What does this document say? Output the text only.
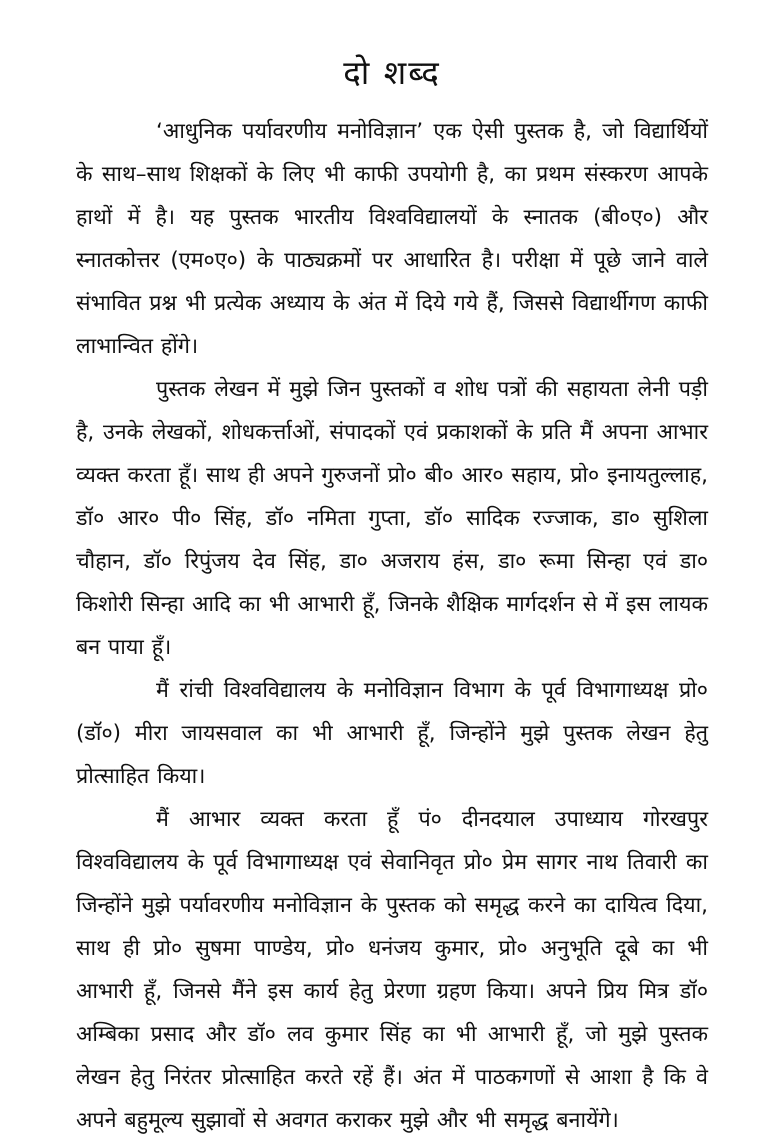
दो शब्द

‘आधुनिक पर्यावरणीय मनोविज्ञान’ एक ऐसी पुस्तक है, जो विद्यार्थियों के साथ–साथ शिक्षकों के लिए भी काफी उपयोगी है, का प्रथम संस्करण आपके हाथों में है। यह पुस्तक भारतीय विश्वविद्यालयों के स्नातक (बी०ए०) और स्नातकोत्तर (एम०ए०) के पाठ्यक्रमों पर आधारित है। परीक्षा में पूछे जाने वाले संभावित प्रश्न भी प्रत्येक अध्याय के अंत में दिये गये हैं, जिससे विद्यार्थीगण काफी लाभान्वित होंगे।

पुस्तक लेखन में मुझे जिन पुस्तकों व शोध पत्रों की सहायता लेनी पड़ी है, उनके लेखकों, शोधकर्त्ताओं, संपादकों एवं प्रकाशकों के प्रति मैं अपना आभार व्यक्त करता हूँ। साथ ही अपने गुरुजनों प्रो० बी० आर० सहाय, प्रो० इनायतुल्लाह, डॉ० आर० पी० सिंह, डॉ० नमिता गुप्ता, डॉ० सादिक रज्जाक, डा० सुशिला चौहान, डॉ० रिपुंजय देव सिंह, डा० अजराय हंस, डा० रूमा सिन्हा एवं डा० किशोरी सिन्हा आदि का भी आभारी हूँ, जिनके शैक्षिक मार्गदर्शन से में इस लायक बन पाया हूँ।

मैं रांची विश्वविद्यालय के मनोविज्ञान विभाग के पूर्व विभागाध्यक्ष प्रो० (डॉ०) मीरा जायसवाल का भी आभारी हूँ, जिन्होंने मुझे पुस्तक लेखन हेतु प्रोत्साहित किया।

मैं आभार व्यक्त करता हूँ पं० दीनदयाल उपाध्याय गोरखपुर विश्वविद्यालय के पूर्व विभागाध्यक्ष एवं सेवानिवृत प्रो० प्रेम सागर नाथ तिवारी का जिन्होंने मुझे पर्यावरणीय मनोविज्ञान के पुस्तक को समृद्ध करने का दायित्व दिया, साथ ही प्रो० सुषमा पाण्डेय, प्रो० धनंजय कुमार, प्रो० अनुभूति दूबे का भी आभारी हूँ, जिनसे मैंने इस कार्य हेतु प्रेरणा ग्रहण किया। अपने प्रिय मित्र डॉ० अम्बिका प्रसाद और डॉ० लव कुमार सिंह का भी आभारी हूँ, जो मुझे पुस्तक लेखन हेतु निरंतर प्रोत्साहित करते रहें हैं। अंत में पाठकगणों से आशा है कि वे अपने बहुमूल्य सुझावों से अवगत कराकर मुझे और भी समृद्ध बनायेंगे।
